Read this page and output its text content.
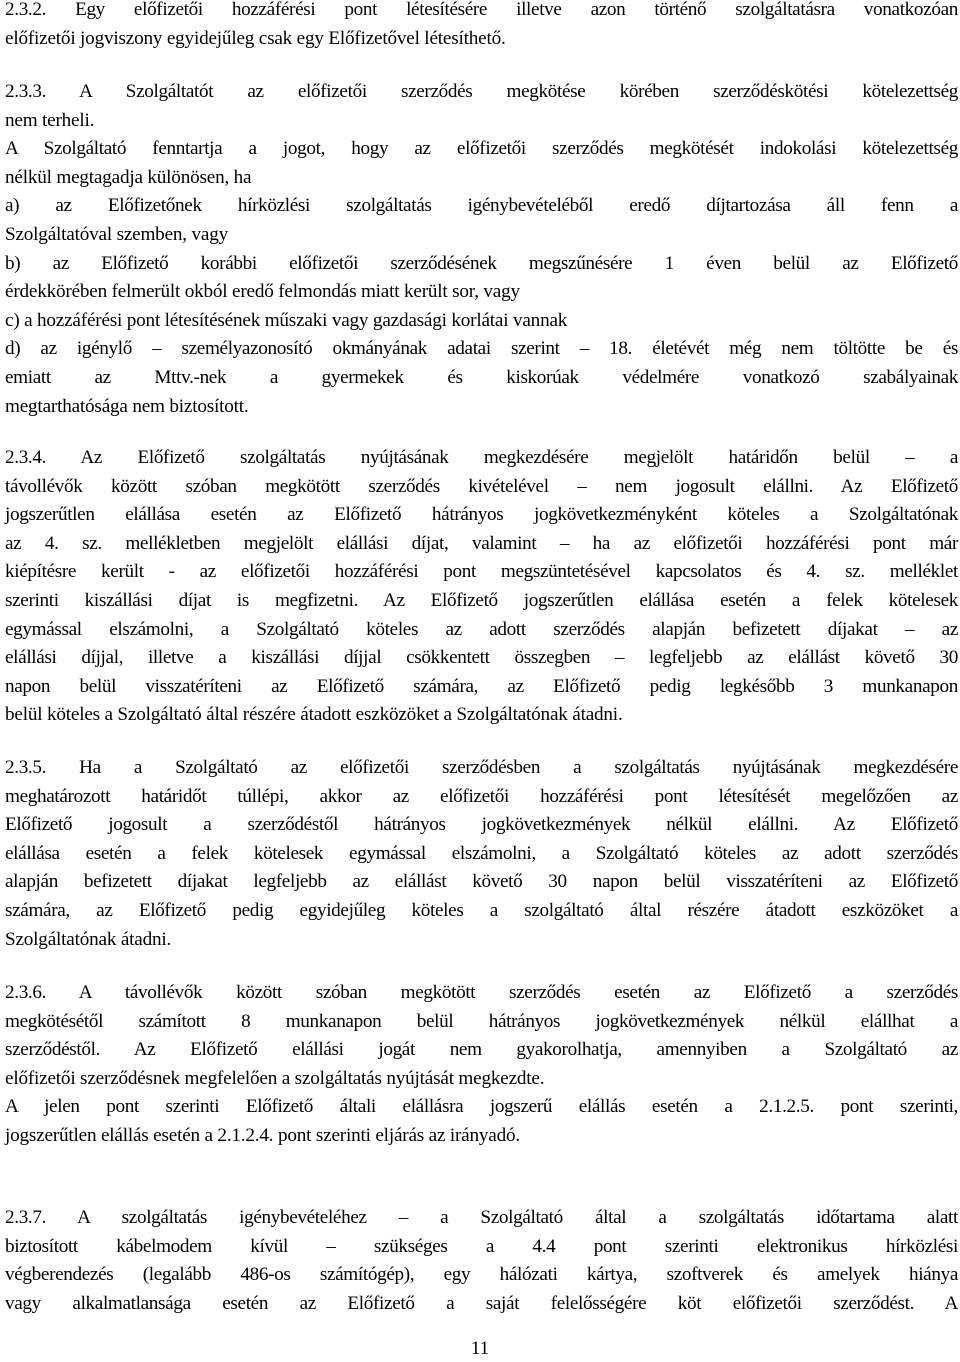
2.3.2. Egy előfizetői hozzáférési pont létesítésére illetve azon történő szolgáltatásra vonatkozóan
előfizetői jogviszony egyidejűleg csak egy Előfizetővel létesíthető.
2.3.3. A Szolgáltatót az előfizetői szerződés megkötése körében szerződéskötési kötelezettség
nem terheli.
A Szolgáltató fenntartja a jogot, hogy az előfizetői szerződés megkötését indokolási kötelezettség
nélkül megtagadja különösen, ha
a) az Előfizetőnek hírközlési szolgáltatás igénybevételéből eredő díjtartozása áll fenn a
Szolgáltatóval szemben, vagy
b) az Előfizető korábbi előfizetői szerződésének megszűnésére 1 éven belül az Előfizető
érdekkörében felmerült okból eredő felmondás miatt került sor, vagy
c) a hozzáférési pont létesítésének műszaki vagy gazdasági korlátai vannak
d) az igénylő – személyazonosító okmányának adatai szerint – 18. életévét még nem töltötte be és
emiatt az Mttv.-nek a gyermekek és kiskorúak védelmére vonatkozó szabályainak
megtarthatósága nem biztosított.
2.3.4. Az Előfizető szolgáltatás nyújtásának megkezdésére megjelölt határidőn belül – a
távollévők között szóban megkötött szerződés kivételével – nem jogosult elállni. Az Előfizető
jogszerűtlen elállása esetén az Előfizető hátrányos jogkövetkezményként köteles a Szolgáltatónak
az 4. sz. mellékletben megjelölt elállási díjat, valamint – ha az előfizetői hozzáférési pont már
kiépítésre került - az előfizetői hozzáférési pont megszüntetésével kapcsolatos és 4. sz. melléklet
szerinti kiszállási díjat is megfizetni. Az Előfizető jogszerűtlen elállása esetén a felek kötelesek
egymással elszámolni, a Szolgáltató köteles az adott szerződés alapján befizetett díjakat – az
elállási díjjal, illetve a kiszállási díjjal csökkentett összegben – legfeljebb az elállást követő 30
napon belül visszatéríteni az Előfizető számára, az Előfizető pedig legkésőbb 3 munkanapon
belül köteles a Szolgáltató által részére átadott eszközöket a Szolgáltatónak átadni.
2.3.5. Ha a Szolgáltató az előfizetői szerződésben a szolgáltatás nyújtásának megkezdésére
meghatározott határidőt túllépi, akkor az előfizetői hozzáférési pont létesítését megelőzően az
Előfizető jogosult a szerződéstől hátrányos jogkövetkezmények nélkül elállni. Az Előfizető
elállása esetén a felek kötelesek egymással elszámolni, a Szolgáltató köteles az adott szerződés
alapján befizetett díjakat legfeljebb az elállást követő 30 napon belül visszatéríteni az Előfizető
számára, az Előfizető pedig egyidejűleg köteles a szolgáltató által részére átadott eszközöket a
Szolgáltatónak átadni.
2.3.6. A távollévők között szóban megkötött szerződés esetén az Előfizető a szerződés
megkötésétől számított 8 munkanapon belül hátrányos jogkövetkezmények nélkül elállhat a
szerződéstől. Az Előfizető elállási jogát nem gyakorolhatja, amennyiben a Szolgáltató az
előfizetői szerződésnek megfelelően a szolgáltatás nyújtását megkezdte.
A jelen pont szerinti Előfizető általi elállásra jogszerű elállás esetén a 2.1.2.5. pont szerinti,
jogszerűtlen elállás esetén a 2.1.2.4. pont szerinti eljárás az irányadó.
2.3.7. A szolgáltatás igénybevételéhez – a Szolgáltató által a szolgáltatás időtartama alatt
biztosított kábelmodem kívül – szükséges a 4.4 pont szerinti elektronikus hírközlési
végberendezés (legalább 486-os számítógép), egy hálózati kártya, szoftverek és amelyek hiánya
vagy alkalmatlansága esetén az Előfizető a saját felelősségére köt előfizetői szerződést. A
11
